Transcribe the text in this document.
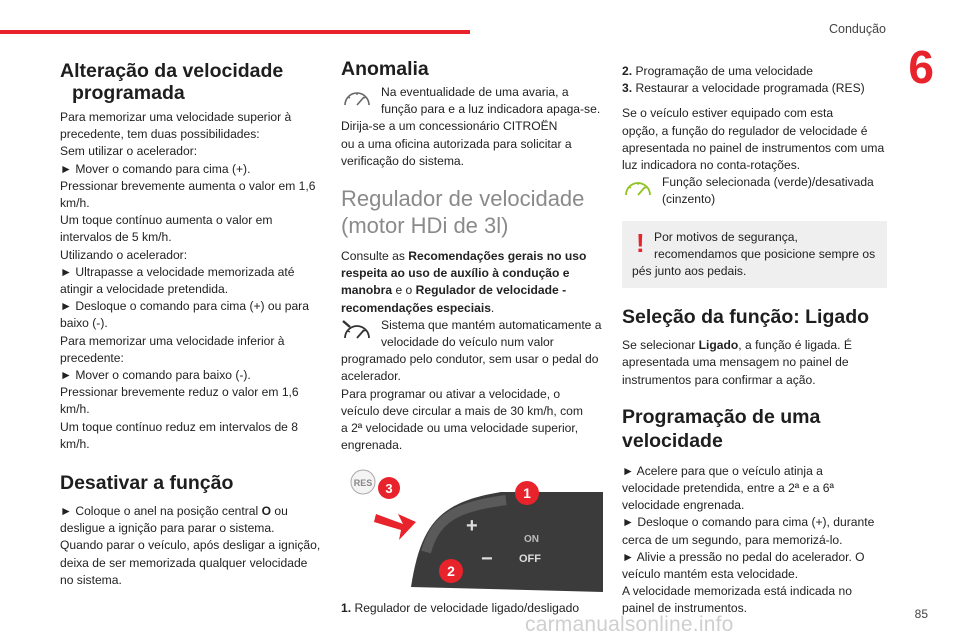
Condução
6
Alteração da velocidade
programada

Para memorizar uma velocidade superior à

precedente, tem duas possibilidades:

Sem utilizar o acelerador:

► Mover o comando para cima (+).

Pressionar brevemente aumenta o valor em 1,6

km/h.

Um toque contínuo aumenta o valor em

intervalos de 5 km/h.

Utilizando o acelerador:

► Ultrapasse a velocidade memorizada até

atingir a velocidade pretendida.

► Desloque o comando para cima (+) ou para

baixo (-).

Para memorizar uma velocidade inferior à

precedente:

► Mover o comando para baixo (-).

Pressionar brevemente reduz o valor em 1,6

km/h.

Um toque contínuo reduz em intervalos de 8

km/h.

Desativar a função

► Coloque o anel na posição central O ou

desligue a ignição para parar o sistema.

Quando parar o veículo, após desligar a ignição,

deixa de ser memorizada qualquer velocidade

no sistema.

Anomalia

Na eventualidade de uma avaria, a

função para e a luz indicadora apaga-se.

Dirija-se a um concessionário CITROËN

ou a uma oficina autorizada para solicitar a

verificação do sistema.

Regulador de velocidade
(motor HDi de 3l)

Consulte as Recomendações gerais no uso

respeita ao uso de auxílio à condução e

manobra e o Regulador de velocidade -

recomendações especiais.

Sistema que mantém automaticamente a

velocidade do veículo num valor

programado pelo condutor, sem usar o pedal do

acelerador.

Para programar ou ativar a velocidade, o

veículo deve circular a mais de 30 km/h, com

a 2ª velocidade ou uma velocidade superior,

engrenada.

RES
+
−
ON
OFF
3	1
2

1. Regulador de velocidade ligado/desligado

2. Programação de uma velocidade

3. Restaurar a velocidade programada (RES)

Se o veículo estiver equipado com esta

opção, a função do regulador de velocidade é

apresentada no painel de instrumentos com uma

luz indicadora no conta-rotações.

Função selecionada (verde)/desativada

(cinzento)

! Por motivos de segurança,

recomendamos que posicione sempre os

pés junto aos pedais.

Seleção da função: Ligado

Se selecionar Ligado, a função é ligada. É

apresentada uma mensagem no painel de

instrumentos para confirmar a ação.

Programação de uma
velocidade

► Acelere para que o veículo atinja a

velocidade pretendida, entre a 2ª e a 6ª

velocidade engrenada.

► Desloque o comando para cima (+), durante

cerca de um segundo, para memorizá-lo.

► Alivie a pressão no pedal do acelerador. O

veículo mantém esta velocidade.

A velocidade memorizada está indicada no

painel de instrumentos.	85
carmanualsonline.info
